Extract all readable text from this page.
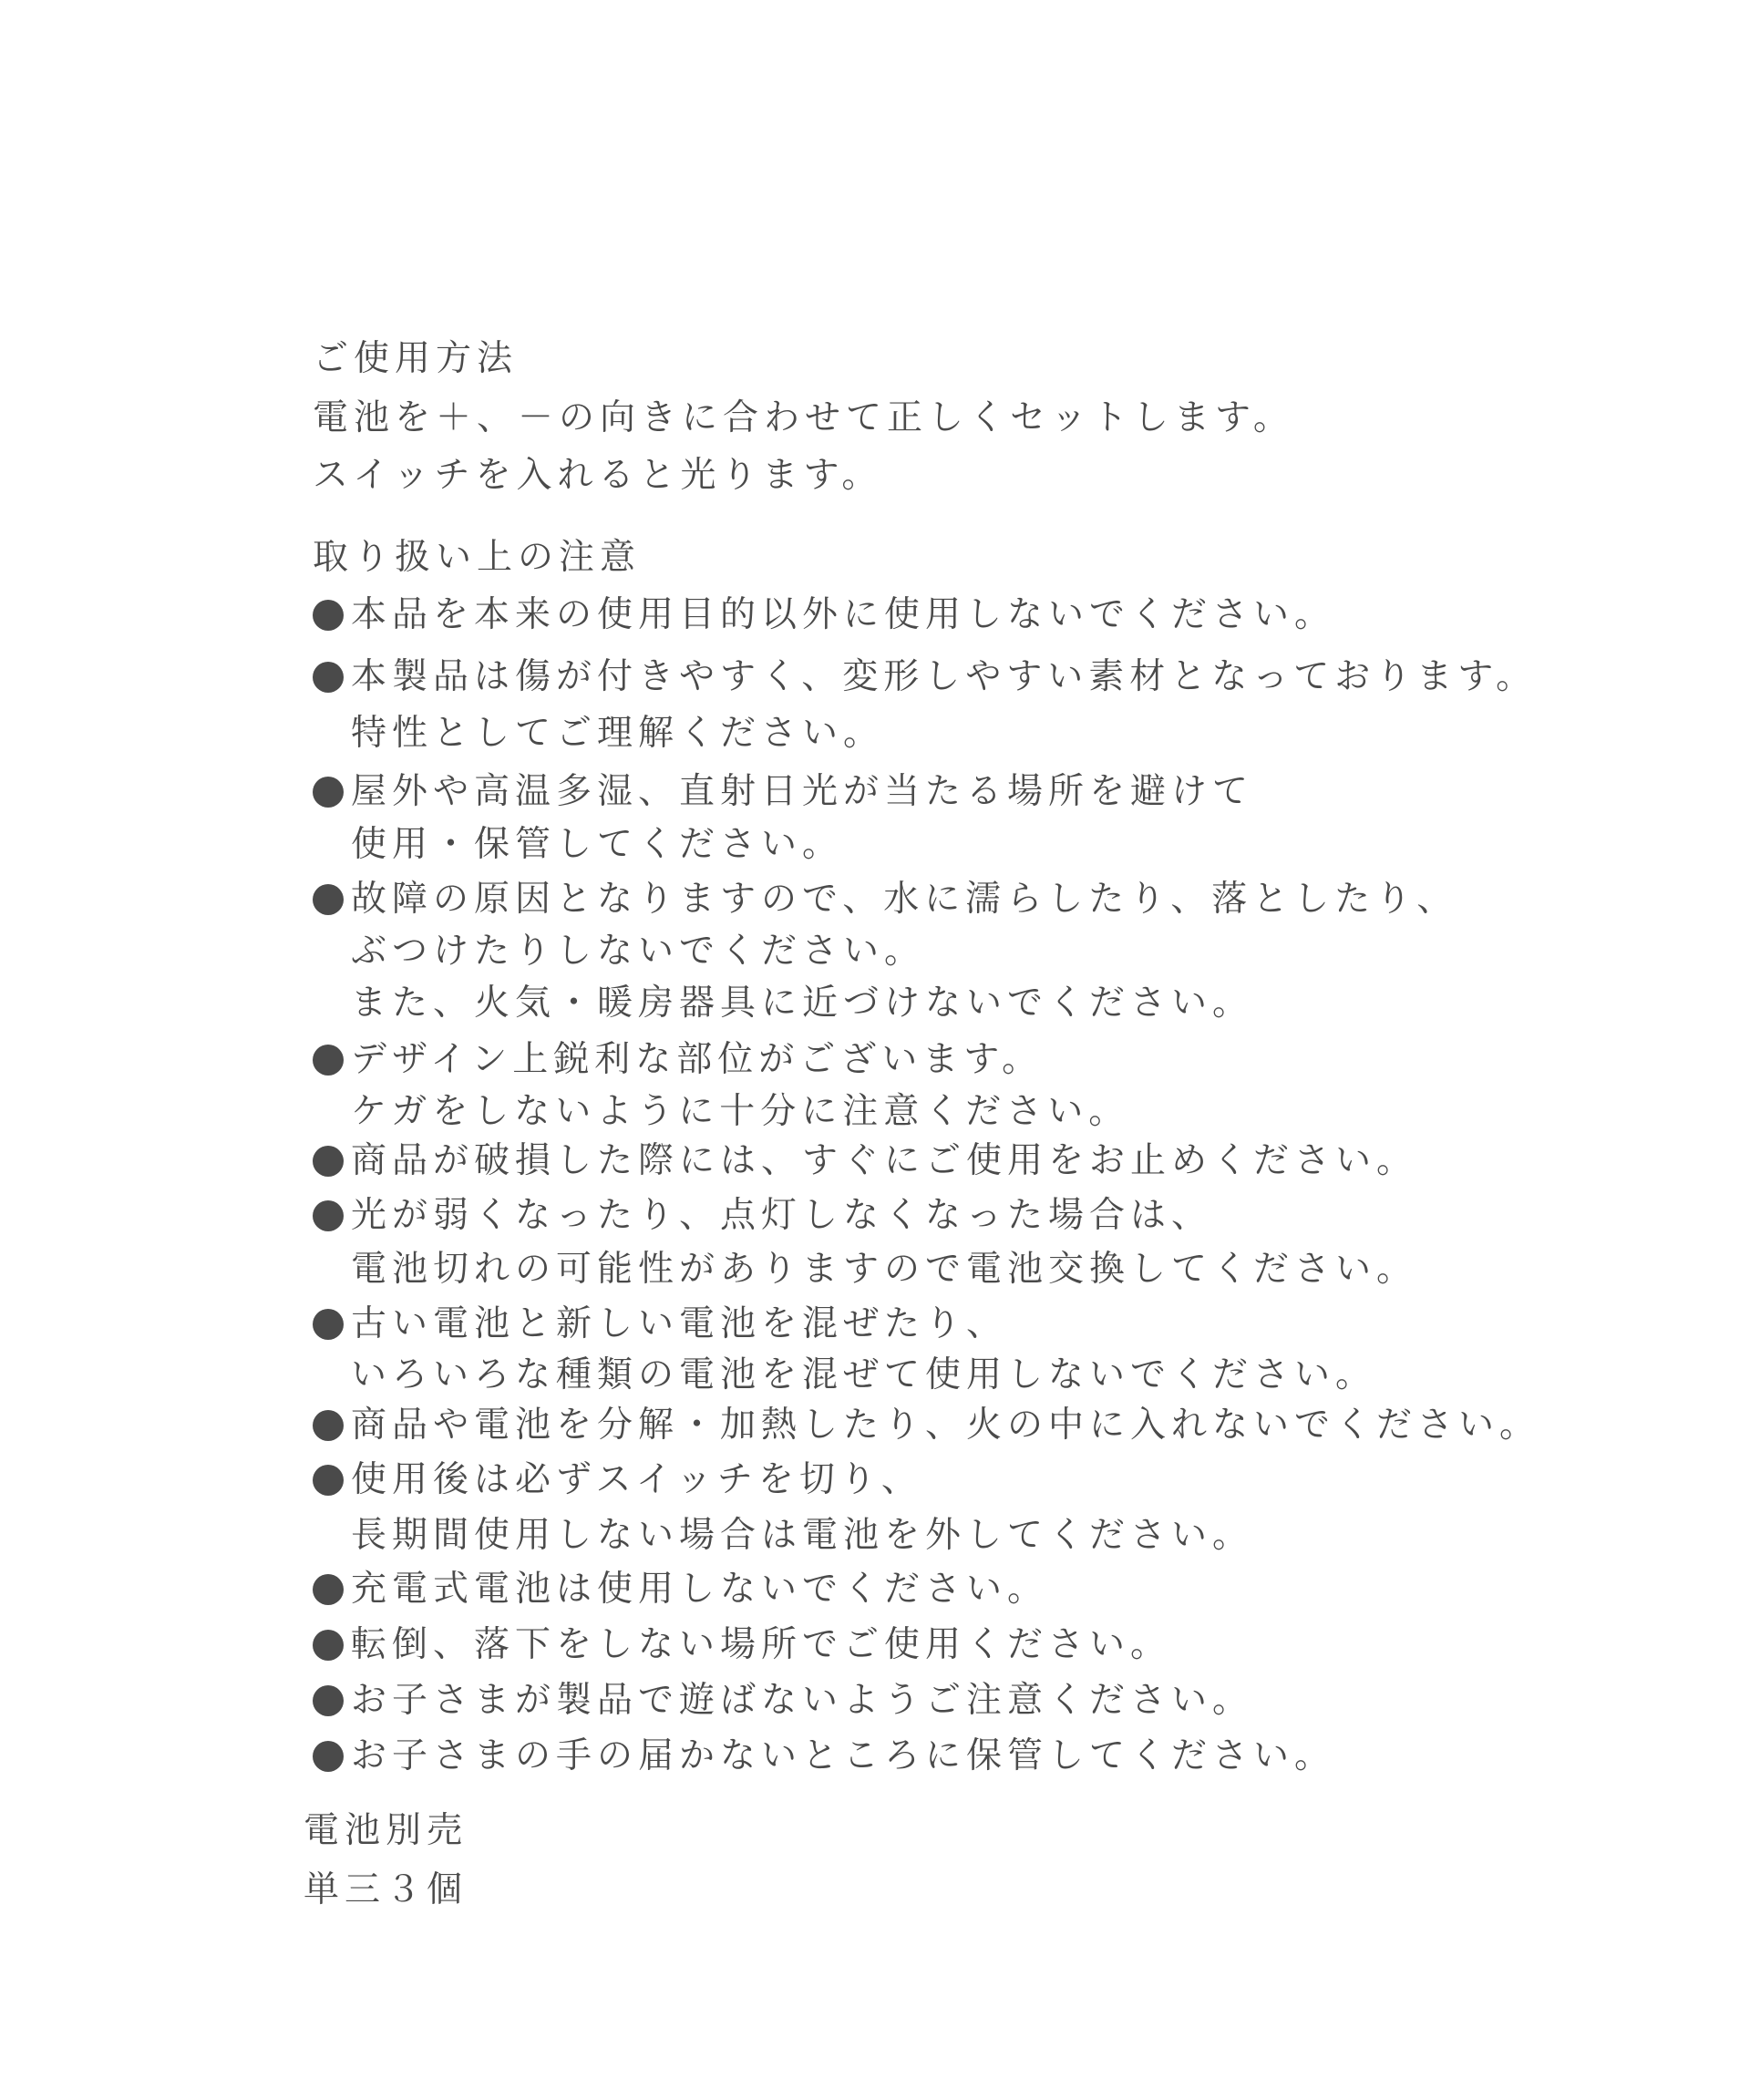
ご使用方法
電池を＋、－の向きに合わせて正しくセットします。
スイッチを入れると光ります。
取り扱い上の注意
本品を本来の使用目的以外に使用しないでください。
本製品は傷が付きやすく、変形しやすい素材となっております。
特性としてご理解ください。
屋外や高温多湿、直射日光が当たる場所を避けて
使用・保管してください。
故障の原因となりますので、水に濡らしたり、落としたり、
ぶつけたりしないでください。
また、火気・暖房器具に近づけないでください。
デザイン上鋭利な部位がございます。
ケガをしないように十分に注意ください。
商品が破損した際には、すぐにご使用をお止めください。
光が弱くなったり、点灯しなくなった場合は、
電池切れの可能性がありますので電池交換してください。
古い電池と新しい電池を混ぜたり、
いろいろな種類の電池を混ぜて使用しないでください。
商品や電池を分解・加熱したり、火の中に入れないでください。
使用後は必ずスイッチを切り、
長期間使用しない場合は電池を外してください。
充電式電池は使用しないでください。
転倒、落下をしない場所でご使用ください。
お子さまが製品で遊ばないようご注意ください。
お子さまの手の届かないところに保管してください。
電池別売
単三３個
